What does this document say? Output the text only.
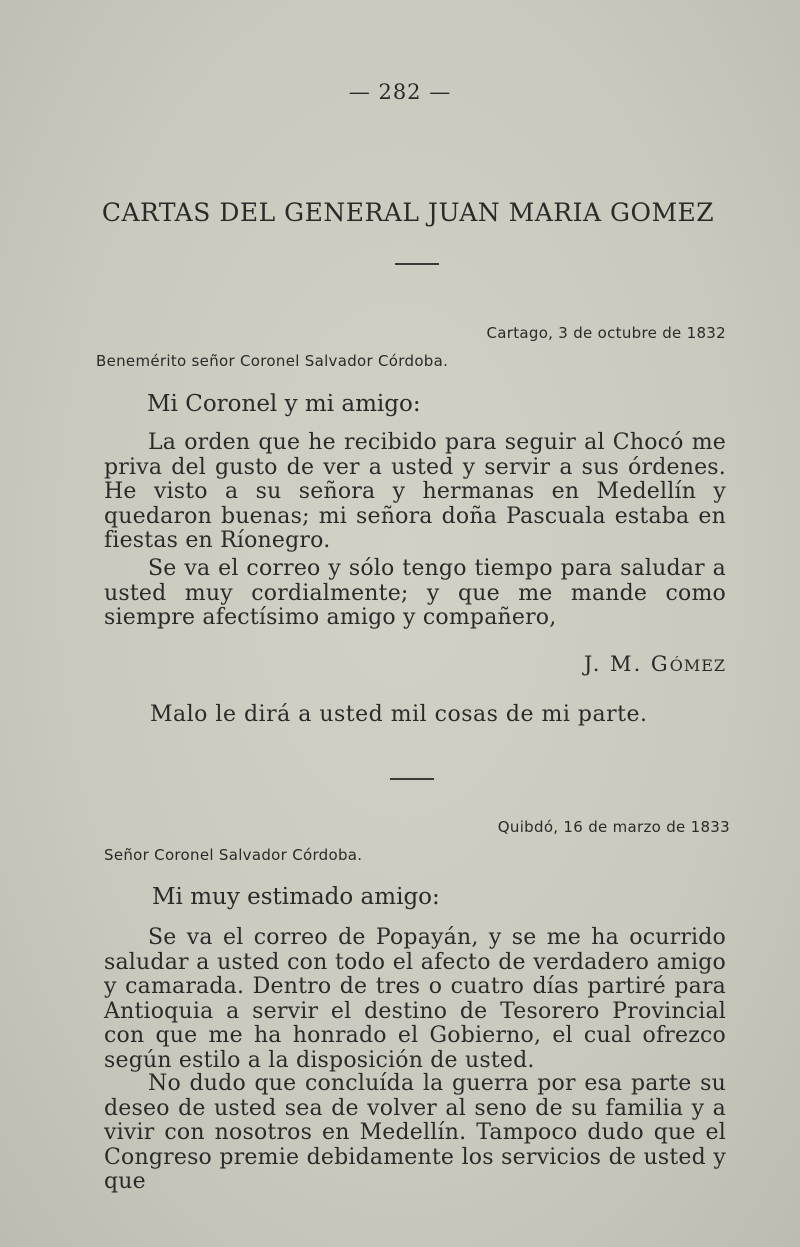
— 282 —
CARTAS DEL GENERAL JUAN MARIA GOMEZ
Cartago, 3 de octubre de 1832
Benemérito señor Coronel Salvador Córdoba.
Mi Coronel y mi amigo:
La orden que he recibido para seguir al Chocó me priva del gusto de ver a usted y servir a sus órdenes. He visto a su señora y hermanas en Medellín y quedaron buenas; mi señora doña Pascuala estaba en fiestas en Ríonegro.
Se va el correo y sólo tengo tiempo para saludar a usted muy cordialmente; y que me mande como siempre afectísimo amigo y compañero,
J. M. GÓMEZ
Malo le dirá a usted mil cosas de mi parte.
Quibdó, 16 de marzo de 1833
Señor Coronel Salvador Córdoba.
Mi muy estimado amigo:
Se va el correo de Popayán, y se me ha ocurrido saludar a usted con todo el afecto de verdadero amigo y camarada. Dentro de tres o cuatro días partiré para Antioquia a servir el destino de Tesorero Provincial con que me ha honrado el Gobierno, el cual ofrezco según estilo a la disposición de usted.
No dudo que concluída la guerra por esa parte su deseo de usted sea de volver al seno de su familia y a vivir con nosotros en Medellín. Tampoco dudo que el Congreso premie debidamente los servicios de usted y que
